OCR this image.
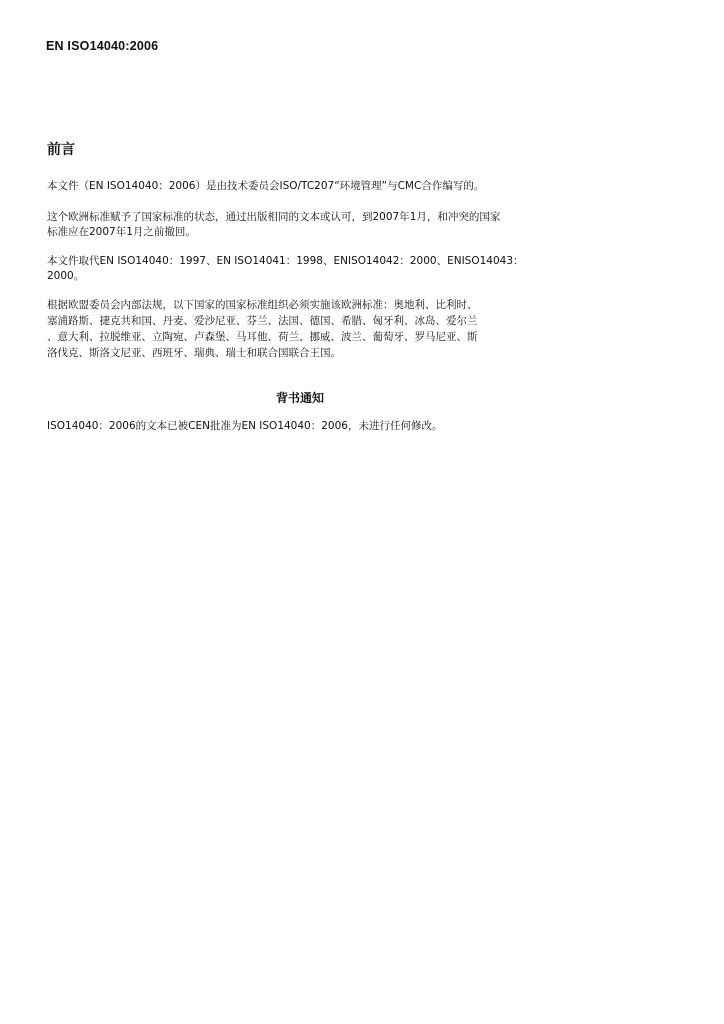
EN ISO14040:2006
前言
本文件（EN ISO14040：2006）是由技术委员会ISO/TC207“环境管理”与CMC合作编写的。
这个欧洲标准赋予了国家标准的状态，通过出版相同的文本或认可，到2007年1月，和冲突的国家
标准应在2007年1月之前撤回。
本文件取代EN ISO14040：1997、EN ISO14041：1998、ENISO14042：2000、ENISO14043：
2000。
根据欧盟委员会内部法规，以下国家的国家标准组织必须实施该欧洲标准：奥地利、比利时、
塞浦路斯、捷克共和国、丹麦、爱沙尼亚、芬兰、法国、德国、希腊、匈牙利、冰岛、爱尔兰
、意大利、拉脱维亚、立陶宛、卢森堡、马耳他、荷兰、挪威、波兰、葡萄牙、罗马尼亚、斯
洛伐克、斯洛文尼亚、西班牙、瑞典、瑞士和联合国联合王国。
背书通知
ISO14040：2006的文本已被CEN批准为EN ISO14040：2006，未进行任何修改。
